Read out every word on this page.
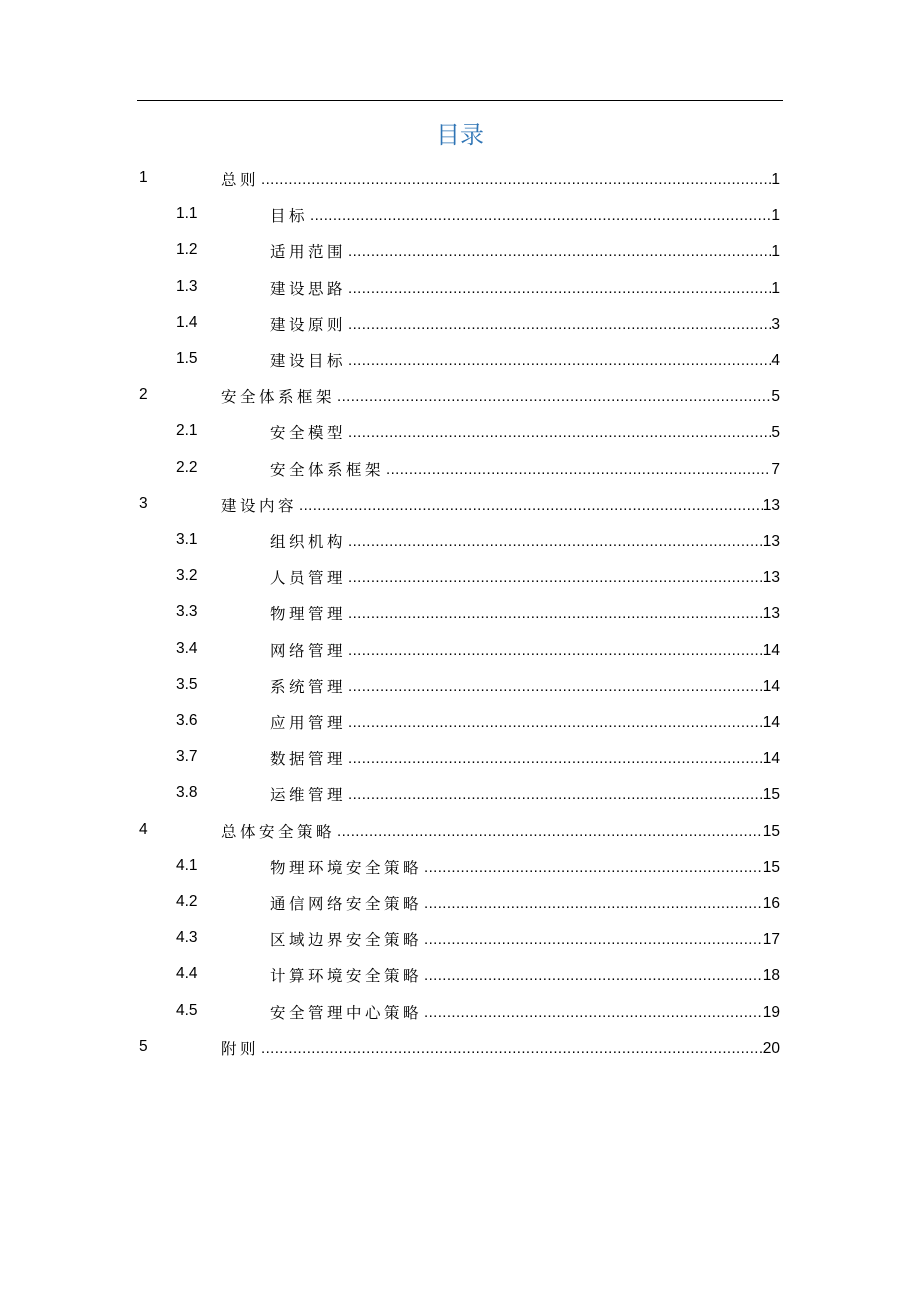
目录
1	总则 .....	1
1.1	目标 .....	1
1.2	适用范围 .....	1
1.3	建设思路 .....	1
1.4	建设原则 .....	3
1.5	建设目标 .....	4
2	安全体系框架 .....	5
2.1	安全模型 .....	5
2.2	安全体系框架 .....	7
3	建设内容 .....	13
3.1	组织机构 .....	13
3.2	人员管理 .....	13
3.3	物理管理 .....	13
3.4	网络管理 .....	14
3.5	系统管理 .....	14
3.6	应用管理 .....	14
3.7	数据管理 .....	14
3.8	运维管理 .....	15
4	总体安全策略 .....	15
4.1	物理环境安全策略 .....	15
4.2	通信网络安全策略 .....	16
4.3	区域边界安全策略 .....	17
4.4	计算环境安全策略 .....	18
4.5	安全管理中心策略 .....	19
5	附则 .....	20
